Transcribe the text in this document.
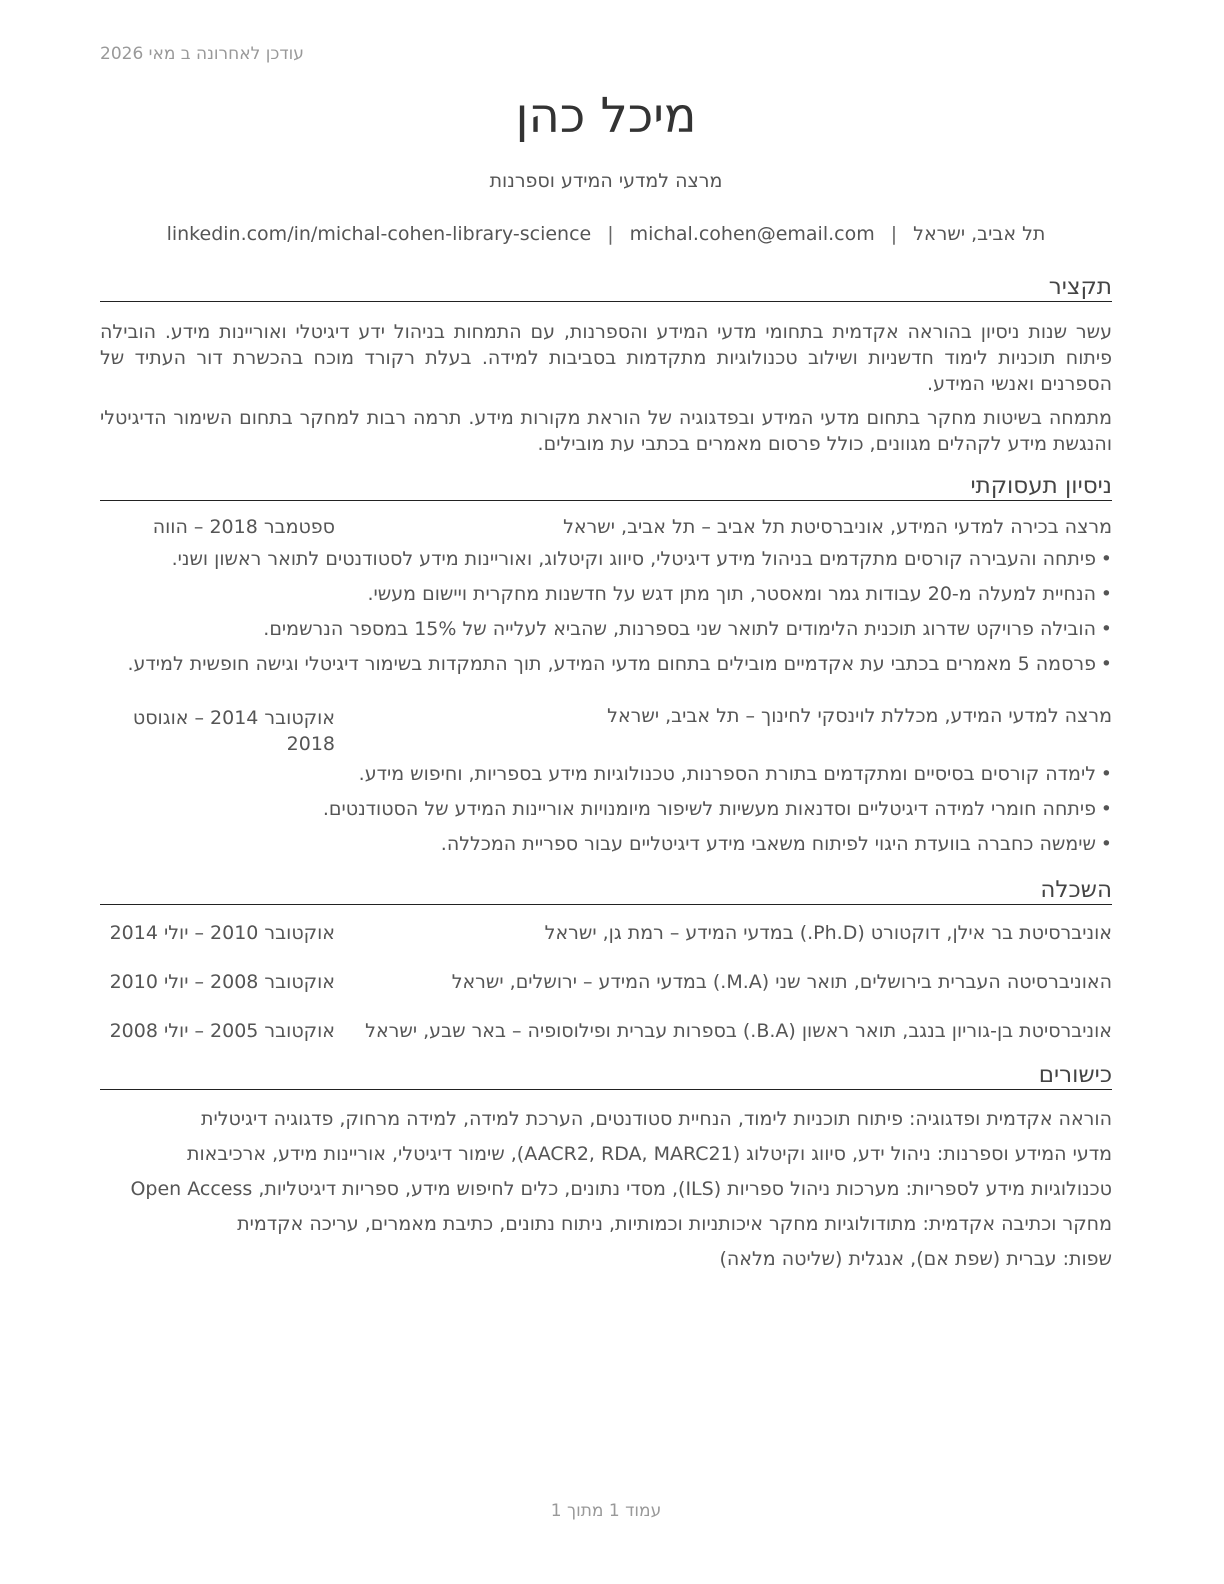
עודכן לאחרונה ב מאי 2026
מיכל כהן
מרצה למדעי המידע וספרנות
תל אביב, ישראל|michal.cohen@email.com|linkedin.com/in/michal-cohen-library-science
תקציר

עשר שנות ניסיון בהוראה אקדמית בתחומי מדעי המידע והספרנות, עם התמחות בניהול ידע דיגיטלי ואוריינות מידע. הובילה פיתוח תוכניות לימוד חדשניות ושילוב טכנולוגיות מתקדמות בסביבות למידה. בעלת רקורד מוכח בהכשרת דור העתיד של הספרנים ואנשי המידע.

מתמחה בשיטות מחקר בתחום מדעי המידע ובפדגוגיה של הוראת מקורות מידע. תרמה רבות למחקר בתחום השימור הדיגיטלי והנגשת מידע לקהלים מגוונים, כולל פרסום מאמרים בכתבי עת מובילים.

ניסיון תעסוקתי
מרצה בכירה למדעי המידע, אוניברסיטת תל אביב – תל אביב, ישראל
ספטמבר 2018 – הווה
• פיתחה והעבירה קורסים מתקדמים בניהול מידע דיגיטלי, סיווג וקיטלוג, ואוריינות מידע לסטודנטים לתואר ראשון ושני.
• הנחיית למעלה מ-20 עבודות גמר ומאסטר, תוך מתן דגש על חדשנות מחקרית ויישום מעשי.
• הובילה פרויקט שדרוג תוכנית הלימודים לתואר שני בספרנות, שהביא לעלייה של 15% במספר הנרשמים.
• פרסמה 5 מאמרים בכתבי עת אקדמיים מובילים בתחום מדעי המידע, תוך התמקדות בשימור דיגיטלי וגישה חופשית למידע.
מרצה למדעי המידע, מכללת לוינסקי לחינוך – תל אביב, ישראל
אוקטובר 2014 – אוגוסט 2018
• לימדה קורסים בסיסיים ומתקדמים בתורת הספרנות, טכנולוגיות מידע בספריות, וחיפוש מידע.
• פיתחה חומרי למידה דיגיטליים וסדנאות מעשיות לשיפור מיומנויות אוריינות המידע של הסטודנטים.
• שימשה כחברה בוועדת היגוי לפיתוח משאבי מידע דיגיטליים עבור ספריית המכללה.
השכלה
אוניברסיטת בר אילן, דוקטורט (Ph.D.) במדעי המידע – רמת גן, ישראל
אוקטובר 2010 – יולי 2014
האוניברסיטה העברית בירושלים, תואר שני (M.A.) במדעי המידע – ירושלים, ישראל
אוקטובר 2008 – יולי 2010
אוניברסיטת בן-גוריון בנגב, תואר ראשון (B.A.) בספרות עברית ופילוסופיה – באר שבע, ישראל
אוקטובר 2005 – יולי 2008
כישורים
הוראה אקדמית ופדגוגיה: פיתוח תוכניות לימוד, הנחיית סטודנטים, הערכת למידה, למידה מרחוק, פדגוגיה דיגיטלית
מדעי המידע וספרנות: ניהול ידע, סיווג וקיטלוג (AACR2, RDA, MARC21), שימור דיגיטלי, אוריינות מידע, ארכיבאות
טכנולוגיות מידע לספריות: מערכות ניהול ספריות (ILS), מסדי נתונים, כלים לחיפוש מידע, ספריות דיגיטליות, Open Access
מחקר וכתיבה אקדמית: מתודולוגיות מחקר איכותניות וכמותיות, ניתוח נתונים, כתיבת מאמרים, עריכה אקדמית
שפות: עברית (שפת אם), אנגלית (שליטה מלאה)
עמוד 1 מתוך 1
